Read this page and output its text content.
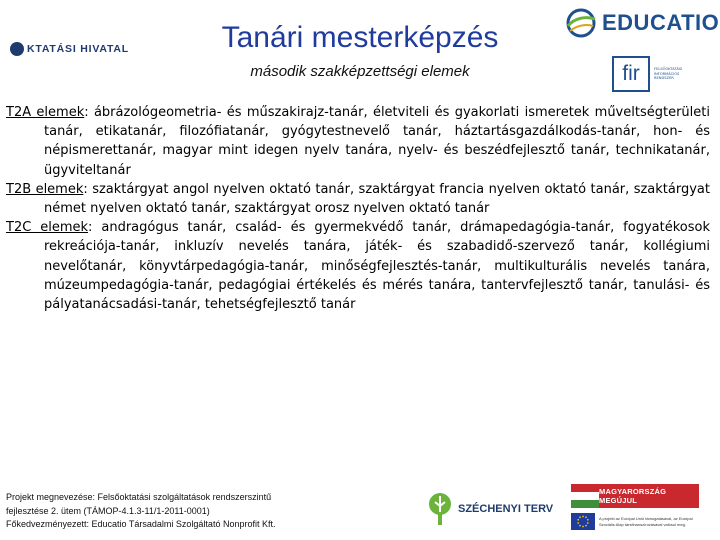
KTATÁSI HIVATAL	Tanári mesterképzés
második szakképzettségi elemek
EDUCATIO
fir	FELSŐOKTATÁSI INFORMÁCIÓS RENDSZER

T2A elemek: ábrázológeometria- és műszakirajz-tanár, életviteli és gyakorlati ismeretek műveltségterületi tanár, etikatanár, filozófiatanár, gyógytestnevelő tanár, háztartásgazdálkodás-tanár, hon- és népismerettanár, magyar mint idegen nyelv tanára, nyelv- és beszédfejlesztő tanár, technikatanár, ügyviteltanár

T2B elemek: szaktárgyat angol nyelven oktató tanár, szaktárgyat francia nyelven oktató tanár, szaktárgyat német nyelven oktató tanár, szaktárgyat orosz nyelven oktató tanár

T2C elemek: andragógus tanár, család- és gyermekvédő tanár, drámapedagógia-tanár, fogyatékosok rekreációja-tanár, inkluzív nevelés tanára, játék- és szabadidő-szervező tanár, kollégiumi nevelőtanár, könyvtárpedagógia-tanár, minőségfejlesztés-tanár, multikulturális nevelés tanára, múzeumpedagógia-tanár, pedagógiai értékelés és mérés tanára, tantervfejlesztő tanár, tanulási- és pályatanácsadási-tanár, tehetségfejlesztő tanár

Projekt megnevezése: Felsőoktatási szolgáltatások rendszerszintű
fejlesztése 2. ütem (TÁMOP-4.1.3-11/1-2011-0001)
Főkedvezményezett: Educatio Társadalmi Szolgáltató Nonprofit Kft.
SZÉCHENYI TERV
MAGYARORSZÁG MEGÚJUL
A projekt az Európai Unió támogatásával, az Európai Szociális Alap társfinanszírozásával valósul meg.
